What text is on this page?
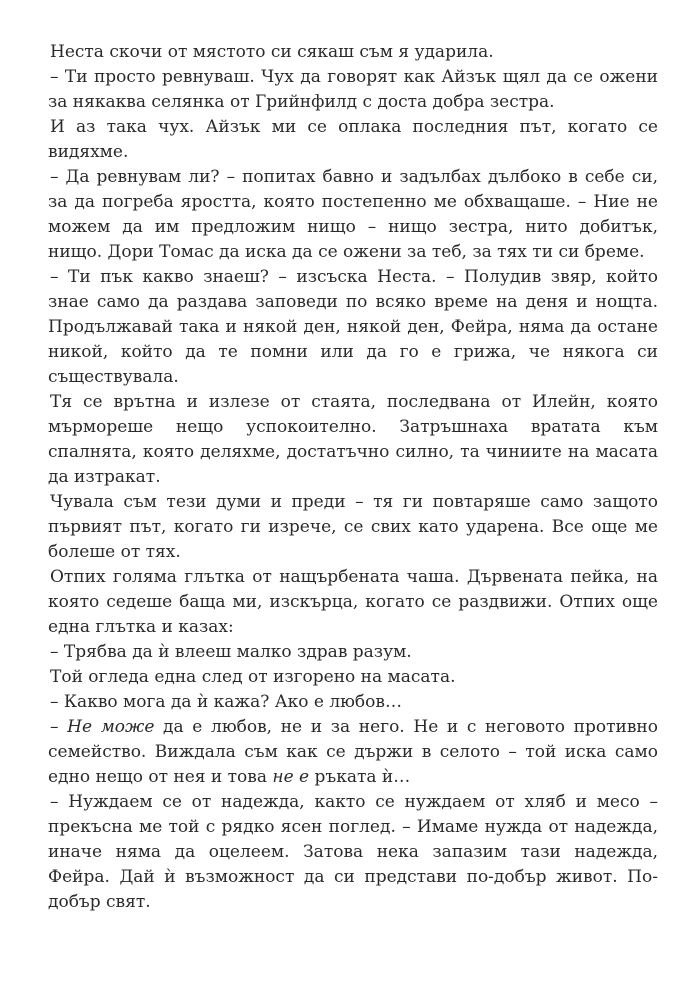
Неста скочи от мястото си сякаш съм я ударила.

– Ти просто ревнуваш. Чух да говорят как Айзък щял да се ожени за някаква селянка от Грийнфилд с доста добра зестра.

И аз така чух. Айзък ми се оплака последния път, когато се видяхме.

– Да ревнувам ли? – попитах бавно и задълбах дълбоко в себе си, за да погреба яростта, която постепенно ме обхващаше. – Ние не можем да им предложим нищо – нищо зестра, нито добитък, нищо. Дори Томас да иска да се ожени за теб, за тях ти си бреме.

– Ти пък какво знаеш? – изсъска Неста. – Полудив звяр, който знае само да раздава заповеди по всяко време на деня и нощта. Продължавай така и някой ден, някой ден, Фейра, няма да остане никой, който да те помни или да го е грижа, че някога си съществувала.

Тя се врътна и излезе от стаята, последвана от Илейн, която мърмореше нещо успокоително. Затръшнаха вратата към спалнята, която деляхме, достатъчно силно, та чиниите на масата да изтракат.

Чувала съм тези думи и преди – тя ги повтаряше само защото първият път, когато ги изрече, се свих като ударена. Все още ме болеше от тях.

Отпих голяма глътка от нащърбената чаша. Дървената пейка, на която седеше баща ми, изскърца, когато се раздвижи. Отпих още една глътка и казах:

– Трябва да ѝ влееш малко здрав разум.

Той огледа една след от изгорено на масата.

– Какво мога да ѝ кажа? Ако е любов…

– Не може да е любов, не и за него. Не и с неговото противно семейство. Виждала съм как се държи в селото – той иска само едно нещо от нея и това не е ръката ѝ…

– Нуждаем се от надежда, както се нуждаем от хляб и месо – прекъсна ме той с рядко ясен поглед. – Имаме нужда от надежда, иначе няма да оцелеем. Затова нека запазим тази надежда, Фейра. Дай ѝ възможност да си представи по-добър живот. По-добър свят.
